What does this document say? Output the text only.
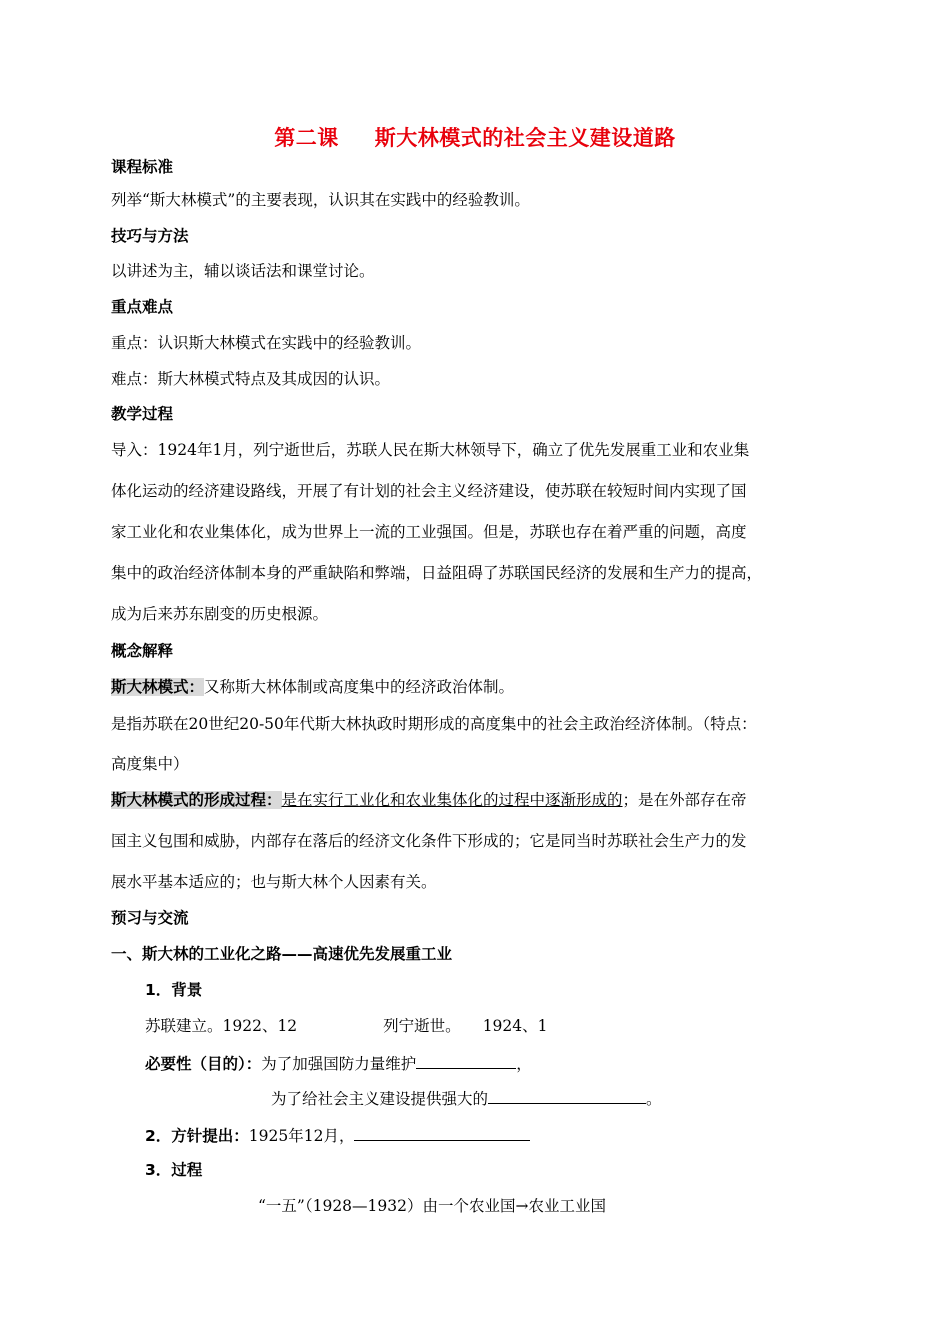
第二课 斯大林模式的社会主义建设道路
课程标准
列举“斯大林模式”的主要表现，认识其在实践中的经验教训。
技巧与方法
以讲述为主，辅以谈话法和课堂讨论。
重点难点
重点：认识斯大林模式在实践中的经验教训。
难点：斯大林模式特点及其成因的认识。
教学过程
导入：1924年1月，列宁逝世后，苏联人民在斯大林领导下，确立了优先发展重工业和农业集
体化运动的经济建设路线，开展了有计划的社会主义经济建设，使苏联在较短时间内实现了国
家工业化和农业集体化，成为世界上一流的工业强国。但是，苏联也存在着严重的问题，高度
集中的政治经济体制本身的严重缺陷和弊端，日益阻碍了苏联国民经济的发展和生产力的提高，
成为后来苏东剧变的历史根源。
概念解释
斯大林模式：又称斯大林体制或高度集中的经济政治体制。
是指苏联在20世纪20-50年代斯大林执政时期形成的高度集中的社会主政治经济体制。（特点：
高度集中）
斯大林模式的形成过程：是在实行工业化和农业集体化的过程中逐渐形成的；是在外部存在帝
国主义包围和威胁，内部存在落后的经济文化条件下形成的；它是同当时苏联社会生产力的发
展水平基本适应的；也与斯大林个人因素有关。
预习与交流
一、斯大林的工业化之路——高速优先发展重工业
1．背景
苏联建立。1922、12	列宁逝世。 1924、1
必要性（目的）：为了加强国防力量维护	，
为了给社会主义建设提供强大的	。
2．方针提出：1925年12月，
3．过程
“一五”（1928—1932）由一个农业国→农业工业国
